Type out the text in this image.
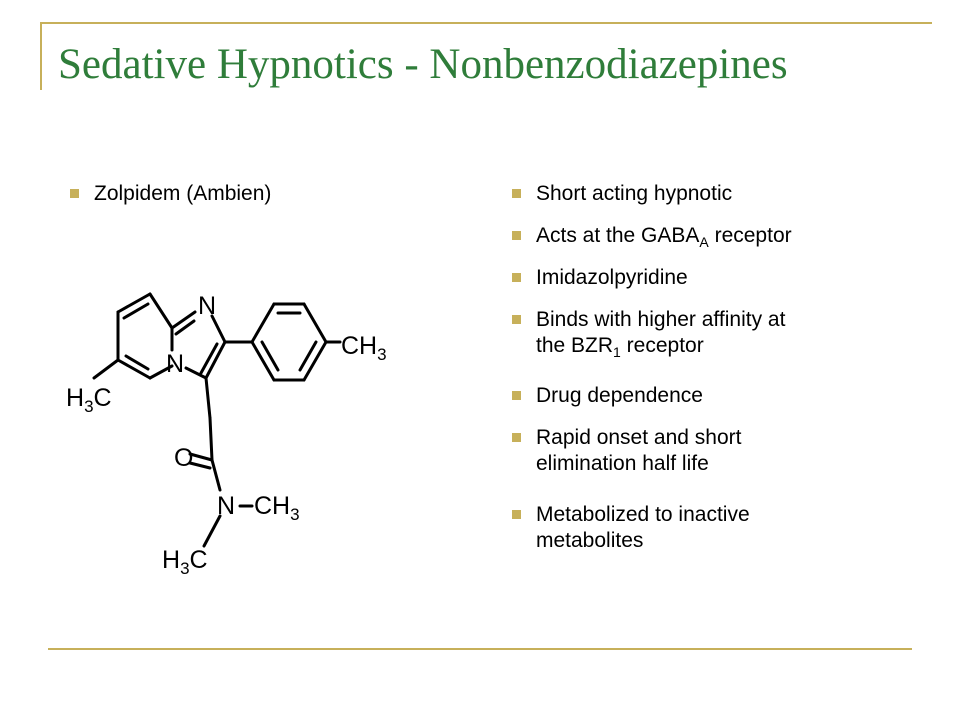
Sedative Hypnotics - Nonbenzodiazepines
Zolpidem (Ambien)	Short acting hypnotic
Acts at the $GABA_A$ receptor
Imidazolpyridine
Binds with higher affinity at
the $BZR_1$ receptor
Drug dependence
Rapid onset and short
elimination half life
Metabolized to inactive
metabolites
N
N
$CH_3$
$H_3C$
O
N $CH_3$
$H_3C$
